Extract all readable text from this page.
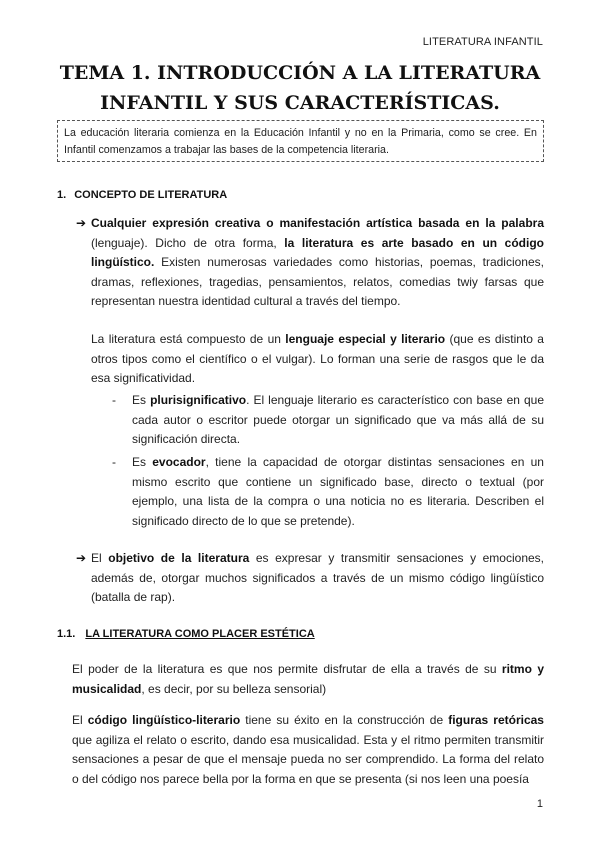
LITERATURA INFANTIL
TEMA 1. INTRODUCCIÓN A LA LITERATURA
INFANTIL Y SUS CARACTERÍSTICAS.
La educación literaria comienza en la Educación Infantil y no en la Primaria, como se cree. En Infantil comenzamos a trabajar las bases de la competencia literaria.
1. CONCEPTO DE LITERATURA
➔ Cualquier expresión creativa o manifestación artística basada en la palabra (lenguaje). Dicho de otra forma, la literatura es arte basado en un código lingüístico. Existen numerosas variedades como historias, poemas, tradiciones, dramas, reflexiones, tragedias, pensamientos, relatos, comedias twiy farsas que representan nuestra identidad cultural a través del tiempo.
La literatura está compuesto de un lenguaje especial y literario (que es distinto a otros tipos como el científico o el vulgar). Lo forman una serie de rasgos que le da esa significatividad.
-	Es plurisignificativo. El lenguaje literario es característico con base en que cada autor o escritor puede otorgar un significado que va más allá de su significación directa.
-	Es evocador, tiene la capacidad de otorgar distintas sensaciones en un mismo escrito que contiene un significado base, directo o textual (por ejemplo, una lista de la compra o una noticia no es literaria. Describen el significado directo de lo que se pretende).
➔ El objetivo de la literatura es expresar y transmitir sensaciones y emociones, además de, otorgar muchos significados a través de un mismo código lingüístico (batalla de rap).
1.1. LA LITERATURA COMO PLACER ESTÉTICA
El poder de la literatura es que nos permite disfrutar de ella a través de su ritmo y musicalidad, es decir, por su belleza sensorial)
El código lingüístico-literario tiene su éxito en la construcción de figuras retóricas que agiliza el relato o escrito, dando esa musicalidad. Esta y el ritmo permiten transmitir sensaciones a pesar de que el mensaje pueda no ser comprendido. La forma del relato o del código nos parece bella por la forma en que se presenta (si nos leen una poesía
1
